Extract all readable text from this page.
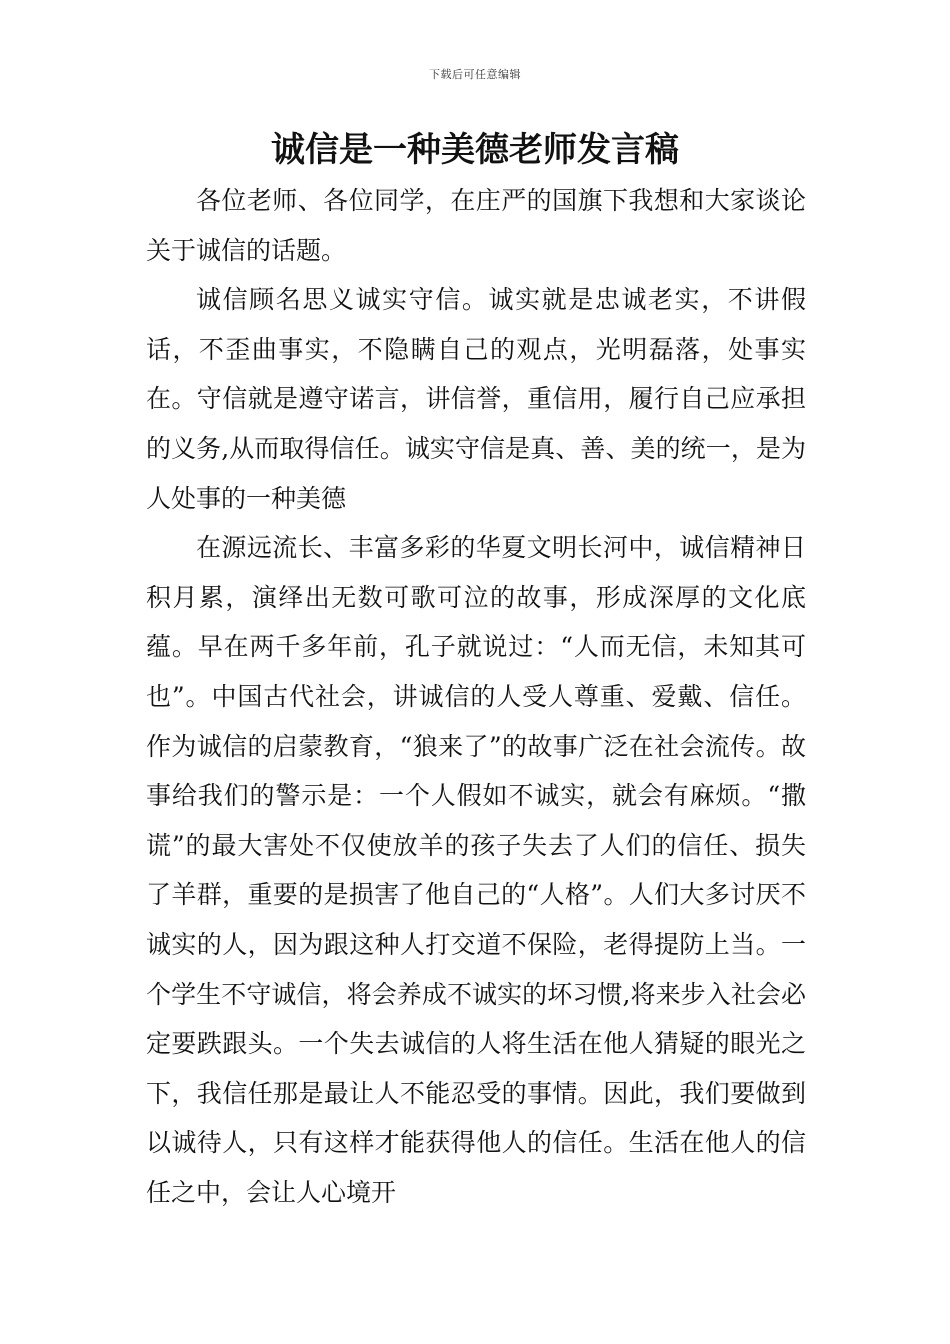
下载后可任意编辑
诚信是一种美德老师发言稿

各位老师、各位同学，在庄严的国旗下我想和大家谈论关于诚信的话题。

诚信顾名思义诚实守信。诚实就是忠诚老实，不讲假话，不歪曲事实，不隐瞒自己的观点，光明磊落，处事实在。守信就是遵守诺言，讲信誉，重信用，履行自己应承担的义务,从而取得信任。诚实守信是真、善、美的统一，是为人处事的一种美德

在源远流长、丰富多彩的华夏文明长河中，诚信精神日积月累，演绎出无数可歌可泣的故事，形成深厚的文化底蕴。早在两千多年前，孔子就说过：“人而无信，未知其可也”。中国古代社会，讲诚信的人受人尊重、爱戴、信任。作为诚信的启蒙教育，“狼来了”的故事广泛在社会流传。故事给我们的警示是：一个人假如不诚实，就会有麻烦。“撒谎”的最大害处不仅使放羊的孩子失去了人们的信任、损失了羊群，重要的是损害了他自己的“人格”。人们大多讨厌不诚实的人，因为跟这种人打交道不保险，老得提防上当。一个学生不守诚信，将会养成不诚实的坏习惯,将来步入社会必定要跌跟头。一个失去诚信的人将生活在他人猜疑的眼光之下，我信任那是最让人不能忍受的事情。因此，我们要做到以诚待人，只有这样才能获得他人的信任。生活在他人的信任之中，会让人心境开
